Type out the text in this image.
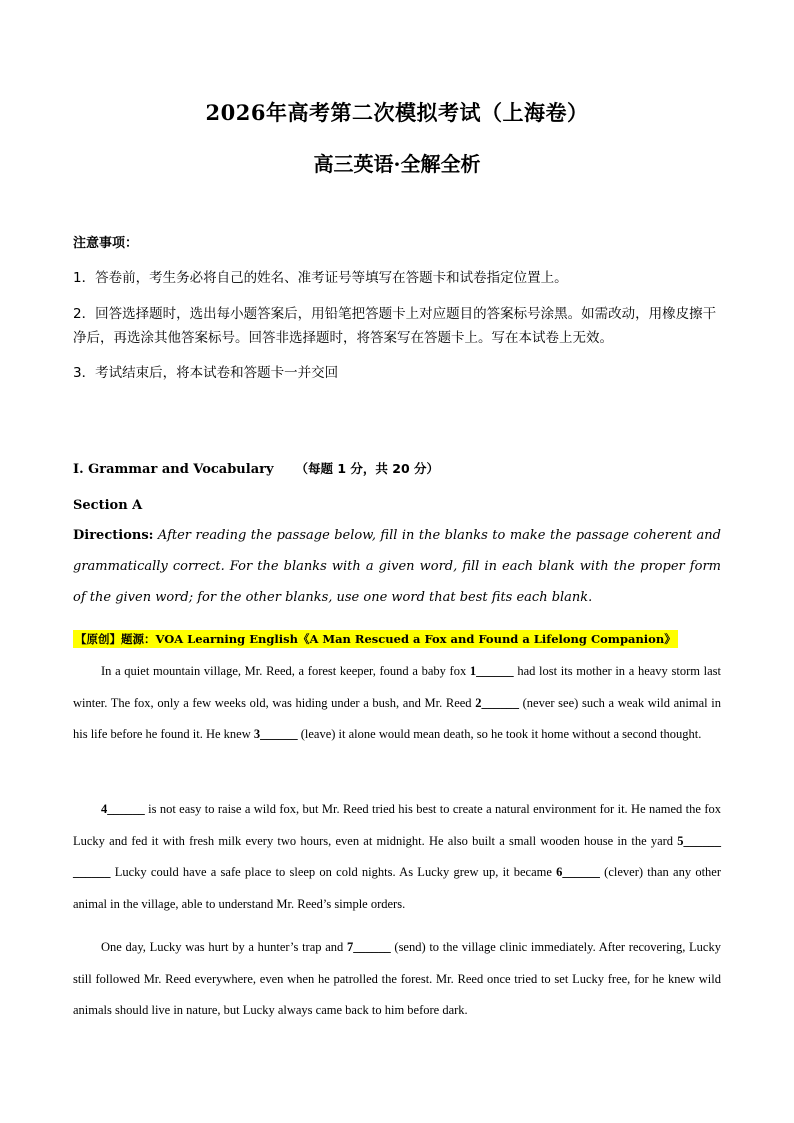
2026年高考第二次模拟考试（上海卷）
高三英语·全解全析
注意事项：
1．答卷前，考生务必将自己的姓名、准考证号等填写在答题卡和试卷指定位置上。
2．回答选择题时，选出每小题答案后，用铅笔把答题卡上对应题目的答案标号涂黑。如需改动，用橡皮擦干净后，再选涂其他答案标号。回答非选择题时，将答案写在答题卡上。写在本试卷上无效。
3．考试结束后，将本试卷和答题卡一并交回
I. Grammar and Vocabulary （每题 1 分，共 20 分）
Section A
Directions: After reading the passage below, fill in the blanks to make the passage coherent and grammatically correct. For the blanks with a given word, fill in each blank with the proper form of the given word; for the other blanks, use one word that best fits each blank.
【原创】题源：VOA Learning English《A Man Rescued a Fox and Found a Lifelong Companion》
In a quiet mountain village, Mr. Reed, a forest keeper, found a baby fox 1______ had lost its mother in a heavy storm last winter. The fox, only a few weeks old, was hiding under a bush, and Mr. Reed 2______ (never see) such a weak wild animal in his life before he found it. He knew 3______ (leave) it alone would mean death, so he took it home without a second thought.
4______ is not easy to raise a wild fox, but Mr. Reed tried his best to create a natural environment for it. He named the fox Lucky and fed it with fresh milk every two hours, even at midnight. He also built a small wooden house in the yard 5______ ______ Lucky could have a safe place to sleep on cold nights. As Lucky grew up, it became 6______ (clever) than any other animal in the village, able to understand Mr. Reed’s simple orders.
One day, Lucky was hurt by a hunter’s trap and 7______ (send) to the village clinic immediately. After recovering, Lucky still followed Mr. Reed everywhere, even when he patrolled the forest. Mr. Reed once tried to set Lucky free, for he knew wild animals should live in nature, but Lucky always came back to him before dark.
